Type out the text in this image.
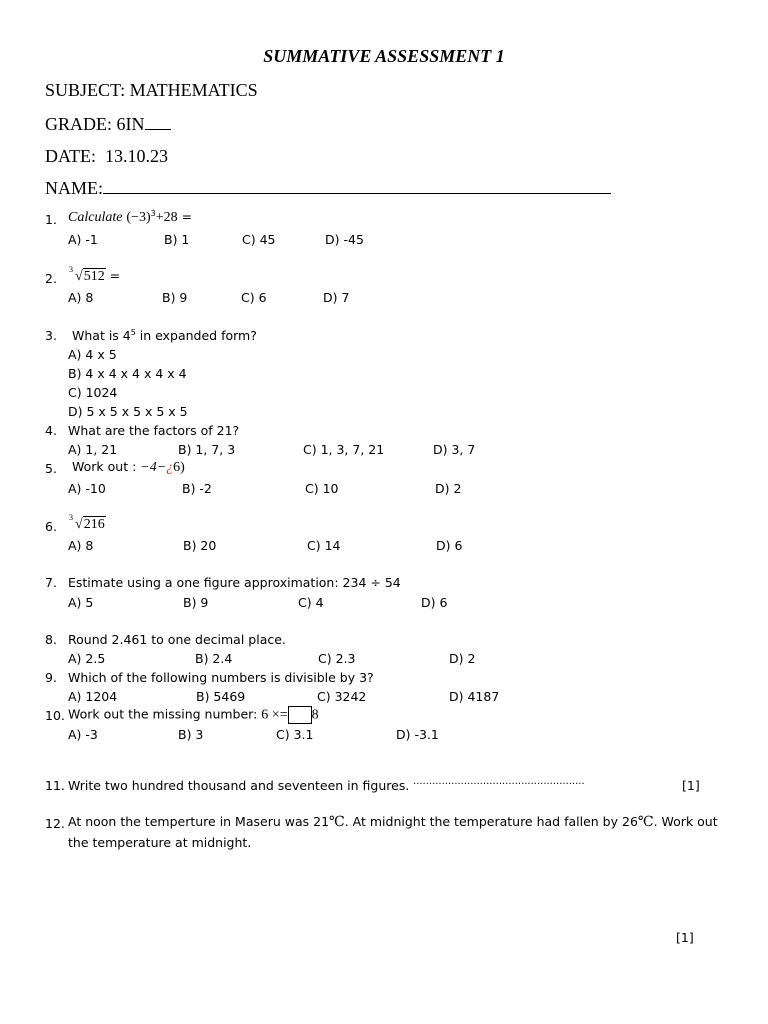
SUMMATIVE ASSESSMENT 1
SUBJECT: MATHEMATICS
GRADE: 6IN
DATE: 13.10.23
NAME:
1. Calculate $(-3)^3+28$ =
A) -1	B) 1	C) 45	D) -45
2.
3 √512 =
A) 8	B) 9	C) 6	D) 7
3. What is $4^5$ in expanded form?
A) 4 x 5
B) 4 x 4 x 4 x 4 x 4
C) 1024
D) 5 x 5 x 5 x 5 x 5
4. What are the factors of 21?
A) 1, 21	B) 1, 7, 3	C) 1, 3, 7, 21	D) 3, 7
5. Work out : −4−¿6)
A) -10	B) -2	C) 10	D) 2
6.
3 √216
A) 8	B) 20	C) 14	D) 6
7. Estimate using a one figure approximation: 234 ÷ 54
A) 5	B) 9	C) 4	D) 6
8. Round 2.461 to one decimal place.
A) 2.5	B) 2.4	C) 2.3	D) 2
9. Which of the following numbers is divisible by 3?
A) 1204	B) 5469	C) 3242	D) 4187
10. Work out the missing number: 6 ×= 8
A) -3	B) 3	C) 3.1	D) -3.1
11. Write two hundred thousand and seventeen in figures. ......................................................	[1]
12. At noon the temperture in Maseru was 21℃. At midnight the temperature had fallen by 26℃. Work out
the temperature at midnight.
[1]
